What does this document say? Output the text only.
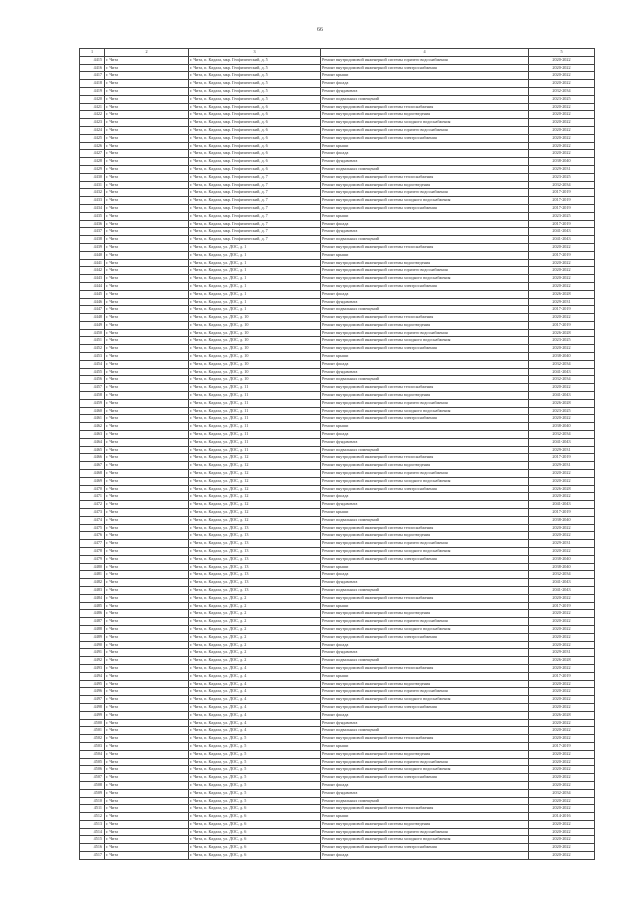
66
1	2	3	4	5
4415	г. Чита	г. Чита, п. Кадала, мкр. Геофизический, д. 5	Ремонт внутридомовой инженерной системы горячего водоснабжения	2020-2022
4416	г. Чита	г. Чита, п. Кадала, мкр. Геофизический, д. 5	Ремонт внутридомовой инженерной системы электроснабжения	2020-2022
4417	г. Чита	г. Чита, п. Кадала, мкр. Геофизический, д. 5	Ремонт крыши	2020-2022
4418	г. Чита	г. Чита, п. Кадала, мкр. Геофизический, д. 5	Ремонт фасада	2020-2022
4419	г. Чита	г. Чита, п. Кадала, мкр. Геофизический, д. 5	Ремонт фундамента	2032-2034
4420	г. Чита	г. Чита, п. Кадала, мкр. Геофизический, д. 5	Ремонт подвальных помещений	2023-2025
4421	г. Чита	г. Чита, п. Кадала, мкр. Геофизический, д. 6	Ремонт внутридомовой инженерной системы теплоснабжения	2020-2022
4422	г. Чита	г. Чита, п. Кадала, мкр. Геофизический, д. 6	Ремонт внутридомовой инженерной системы водоотведения	2020-2022
4423	г. Чита	г. Чита, п. Кадала, мкр. Геофизический, д. 6	Ремонт внутридомовой инженерной системы холодного водоснабжения	2020-2022
4424	г. Чита	г. Чита, п. Кадала, мкр. Геофизический, д. 6	Ремонт внутридомовой инженерной системы горячего водоснабжения	2020-2022
4425	г. Чита	г. Чита, п. Кадала, мкр. Геофизический, д. 6	Ремонт внутридомовой инженерной системы электроснабжения	2020-2022
4426	г. Чита	г. Чита, п. Кадала, мкр. Геофизический, д. 6	Ремонт крыши	2020-2022
4427	г. Чита	г. Чита, п. Кадала, мкр. Геофизический, д. 6	Ремонт фасада	2020-2022
4428	г. Чита	г. Чита, п. Кадала, мкр. Геофизический, д. 6	Ремонт фундамента	2038-2040
4429	г. Чита	г. Чита, п. Кадала, мкр. Геофизический, д. 6	Ремонт подвальных помещений	2029-2031
4430	г. Чита	г. Чита, п. Кадала, мкр. Геофизический, д. 7	Ремонт внутридомовой инженерной системы теплоснабжения	2023-2025
4431	г. Чита	г. Чита, п. Кадала, мкр. Геофизический, д. 7	Ремонт внутридомовой инженерной системы водоотведения	2032-2034
4432	г. Чита	г. Чита, п. Кадала, мкр. Геофизический, д. 7	Ремонт внутридомовой инженерной системы горячего водоснабжения	2017-2019
4433	г. Чита	г. Чита, п. Кадала, мкр. Геофизический, д. 7	Ремонт внутридомовой инженерной системы холодного водоснабжения	2017-2019
4434	г. Чита	г. Чита, п. Кадала, мкр. Геофизический, д. 7	Ремонт внутридомовой инженерной системы электроснабжения	2017-2019
4435	г. Чита	г. Чита, п. Кадала, мкр. Геофизический, д. 7	Ремонт крыши	2023-2025
4436	г. Чита	г. Чита, п. Кадала, мкр. Геофизический, д. 7	Ремонт фасада	2017-2019
4437	г. Чита	г. Чита, п. Кадала, мкр. Геофизический, д. 7	Ремонт фундамента	2041-2043
4438	г. Чита	г. Чита, п. Кадала, мкр. Геофизический, д. 7	Ремонт подвальных помещений	2041-2043
4439	г. Чита	г. Чита, п. Кадала, ул. ДОС, д. 1	Ремонт внутридомовой инженерной системы теплоснабжения	2020-2022
4440	г. Чита	г. Чита, п. Кадала, ул. ДОС, д. 1	Ремонт крыши	2017-2019
4441	г. Чита	г. Чита, п. Кадала, ул. ДОС, д. 1	Ремонт внутридомовой инженерной системы водоотведения	2020-2022
4442	г. Чита	г. Чита, п. Кадала, ул. ДОС, д. 1	Ремонт внутридомовой инженерной системы горячего водоснабжения	2020-2022
4443	г. Чита	г. Чита, п. Кадала, ул. ДОС, д. 1	Ремонт внутридомовой инженерной системы холодного водоснабжения	2020-2022
4444	г. Чита	г. Чита, п. Кадала, ул. ДОС, д. 1	Ремонт внутридомовой инженерной системы электроснабжения	2020-2022
4445	г. Чита	г. Чита, п. Кадала, ул. ДОС, д. 1	Ремонт фасада	2026-2028
4446	г. Чита	г. Чита, п. Кадала, ул. ДОС, д. 1	Ремонт фундамента	2029-2031
4447	г. Чита	г. Чита, п. Кадала, ул. ДОС, д. 1	Ремонт подвальных помещений	2017-2019
4448	г. Чита	г. Чита, п. Кадала, ул. ДОС, д. 10	Ремонт внутридомовой инженерной системы теплоснабжения	2020-2022
4449	г. Чита	г. Чита, п. Кадала, ул. ДОС, д. 10	Ремонт внутридомовой инженерной системы водоотведения	2017-2019
4450	г. Чита	г. Чита, п. Кадала, ул. ДОС, д. 10	Ремонт внутридомовой инженерной системы горячего водоснабжения	2026-2028
4451	г. Чита	г. Чита, п. Кадала, ул. ДОС, д. 10	Ремонт внутридомовой инженерной системы холодного водоснабжения	2023-2025
4452	г. Чита	г. Чита, п. Кадала, ул. ДОС, д. 10	Ремонт внутридомовой инженерной системы электроснабжения	2020-2022
4453	г. Чита	г. Чита, п. Кадала, ул. ДОС, д. 10	Ремонт крыши	2038-2040
4454	г. Чита	г. Чита, п. Кадала, ул. ДОС, д. 10	Ремонт фасада	2032-2034
4455	г. Чита	г. Чита, п. Кадала, ул. ДОС, д. 10	Ремонт фундамента	2041-2043
4456	г. Чита	г. Чита, п. Кадала, ул. ДОС, д. 10	Ремонт подвальных помещений	2032-2034
4457	г. Чита	г. Чита, п. Кадала, ул. ДОС, д. 11	Ремонт внутридомовой инженерной системы теплоснабжения	2020-2022
4458	г. Чита	г. Чита, п. Кадала, ул. ДОС, д. 11	Ремонт внутридомовой инженерной системы водоотведения	2041-2043
4459	г. Чита	г. Чита, п. Кадала, ул. ДОС, д. 11	Ремонт внутридомовой инженерной системы горячего водоснабжения	2026-2028
4460	г. Чита	г. Чита, п. Кадала, ул. ДОС, д. 11	Ремонт внутридомовой инженерной системы холодного водоснабжения	2023-2025
4461	г. Чита	г. Чита, п. Кадала, ул. ДОС, д. 11	Ремонт внутридомовой инженерной системы электроснабжения	2020-2022
4462	г. Чита	г. Чита, п. Кадала, ул. ДОС, д. 11	Ремонт крыши	2038-2040
4463	г. Чита	г. Чита, п. Кадала, ул. ДОС, д. 11	Ремонт фасада	2032-2034
4464	г. Чита	г. Чита, п. Кадала, ул. ДОС, д. 11	Ремонт фундамента	2041-2043
4465	г. Чита	г. Чита, п. Кадала, ул. ДОС, д. 11	Ремонт подвальных помещений	2029-2031
4466	г. Чита	г. Чита, п. Кадала, ул. ДОС, д. 12	Ремонт внутридомовой инженерной системы теплоснабжения	2017-2019
4467	г. Чита	г. Чита, п. Кадала, ул. ДОС, д. 12	Ремонт внутридомовой инженерной системы водоотведения	2029-2031
4468	г. Чита	г. Чита, п. Кадала, ул. ДОС, д. 12	Ремонт внутридомовой инженерной системы горячего водоснабжения	2020-2022
4469	г. Чита	г. Чита, п. Кадала, ул. ДОС, д. 12	Ремонт внутридомовой инженерной системы холодного водоснабжения	2020-2022
4470	г. Чита	г. Чита, п. Кадала, ул. ДОС, д. 12	Ремонт внутридомовой инженерной системы электроснабжения	2026-2028
4471	г. Чита	г. Чита, п. Кадала, ул. ДОС, д. 12	Ремонт фасада	2020-2022
4472	г. Чита	г. Чита, п. Кадала, ул. ДОС, д. 12	Ремонт фундамента	2041-2043
4473	г. Чита	г. Чита, п. Кадала, ул. ДОС, д. 12	Ремонт крыши	2017-2019
4474	г. Чита	г. Чита, п. Кадала, ул. ДОС, д. 12	Ремонт подвальных помещений	2038-2040
4475	г. Чита	г. Чита, п. Кадала, ул. ДОС, д. 13	Ремонт внутридомовой инженерной системы теплоснабжения	2020-2022
4476	г. Чита	г. Чита, п. Кадала, ул. ДОС, д. 13	Ремонт внутридомовой инженерной системы водоотведения	2020-2022
4477	г. Чита	г. Чита, п. Кадала, ул. ДОС, д. 13	Ремонт внутридомовой инженерной системы горячего водоснабжения	2029-2031
4478	г. Чита	г. Чита, п. Кадала, ул. ДОС, д. 13	Ремонт внутридомовой инженерной системы холодного водоснабжения	2020-2022
4479	г. Чита	г. Чита, п. Кадала, ул. ДОС, д. 13	Ремонт внутридомовой инженерной системы электроснабжения	2038-2040
4480	г. Чита	г. Чита, п. Кадала, ул. ДОС, д. 13	Ремонт крыши	2038-2040
4481	г. Чита	г. Чита, п. Кадала, ул. ДОС, д. 13	Ремонт фасада	2032-2034
4482	г. Чита	г. Чита, п. Кадала, ул. ДОС, д. 13	Ремонт фундамента	2041-2043
4483	г. Чита	г. Чита, п. Кадала, ул. ДОС, д. 13	Ремонт подвальных помещений	2041-2043
4484	г. Чита	г. Чита, п. Кадала, ул. ДОС, д. 2	Ремонт внутридомовой инженерной системы теплоснабжения	2020-2022
4485	г. Чита	г. Чита, п. Кадала, ул. ДОС, д. 2	Ремонт крыши	2017-2019
4486	г. Чита	г. Чита, п. Кадала, ул. ДОС, д. 2	Ремонт внутридомовой инженерной системы водоотведения	2020-2022
4487	г. Чита	г. Чита, п. Кадала, ул. ДОС, д. 2	Ремонт внутридомовой инженерной системы горячего водоснабжения	2020-2022
4488	г. Чита	г. Чита, п. Кадала, ул. ДОС, д. 2	Ремонт внутридомовой инженерной системы холодного водоснабжения	2020-2022
4489	г. Чита	г. Чита, п. Кадала, ул. ДОС, д. 2	Ремонт внутридомовой инженерной системы электроснабжения	2020-2022
4490	г. Чита	г. Чита, п. Кадала, ул. ДОС, д. 2	Ремонт фасада	2020-2022
4491	г. Чита	г. Чита, п. Кадала, ул. ДОС, д. 2	Ремонт фундамента	2029-2031
4492	г. Чита	г. Чита, п. Кадала, ул. ДОС, д. 2	Ремонт подвальных помещений	2026-2028
4493	г. Чита	г. Чита, п. Кадала, ул. ДОС, д. 4	Ремонт внутридомовой инженерной системы теплоснабжения	2020-2022
4494	г. Чита	г. Чита, п. Кадала, ул. ДОС, д. 4	Ремонт крыши	2017-2019
4495	г. Чита	г. Чита, п. Кадала, ул. ДОС, д. 4	Ремонт внутридомовой инженерной системы водоотведения	2020-2022
4496	г. Чита	г. Чита, п. Кадала, ул. ДОС, д. 4	Ремонт внутридомовой инженерной системы горячего водоснабжения	2020-2022
4497	г. Чита	г. Чита, п. Кадала, ул. ДОС, д. 4	Ремонт внутридомовой инженерной системы холодного водоснабжения	2020-2022
4498	г. Чита	г. Чита, п. Кадала, ул. ДОС, д. 4	Ремонт внутридомовой инженерной системы электроснабжения	2020-2022
4499	г. Чита	г. Чита, п. Кадала, ул. ДОС, д. 4	Ремонт фасада	2026-2028
4500	г. Чита	г. Чита, п. Кадала, ул. ДОС, д. 4	Ремонт фундамента	2020-2022
4501	г. Чита	г. Чита, п. Кадала, ул. ДОС, д. 4	Ремонт подвальных помещений	2020-2022
4502	г. Чита	г. Чита, п. Кадала, ул. ДОС, д. 5	Ремонт внутридомовой инженерной системы теплоснабжения	2020-2022
4503	г. Чита	г. Чита, п. Кадала, ул. ДОС, д. 5	Ремонт крыши	2017-2019
4504	г. Чита	г. Чита, п. Кадала, ул. ДОС, д. 5	Ремонт внутридомовой инженерной системы водоотведения	2020-2022
4505	г. Чита	г. Чита, п. Кадала, ул. ДОС, д. 5	Ремонт внутридомовой инженерной системы горячего водоснабжения	2020-2022
4506	г. Чита	г. Чита, п. Кадала, ул. ДОС, д. 5	Ремонт внутридомовой инженерной системы холодного водоснабжения	2020-2022
4507	г. Чита	г. Чита, п. Кадала, ул. ДОС, д. 5	Ремонт внутридомовой инженерной системы электроснабжения	2020-2022
4508	г. Чита	г. Чита, п. Кадала, ул. ДОС, д. 5	Ремонт фасада	2020-2022
4509	г. Чита	г. Чита, п. Кадала, ул. ДОС, д. 5	Ремонт фундамента	2032-2034
4510	г. Чита	г. Чита, п. Кадала, ул. ДОС, д. 5	Ремонт подвальных помещений	2020-2022
4511	г. Чита	г. Чита, п. Кадала, ул. ДОС, д. 6	Ремонт внутридомовой инженерной системы теплоснабжения	2020-2022
4512	г. Чита	г. Чита, п. Кадала, ул. ДОС, д. 6	Ремонт крыши	2014-2016
4513	г. Чита	г. Чита, п. Кадала, ул. ДОС, д. 6	Ремонт внутридомовой инженерной системы водоотведения	2020-2022
4514	г. Чита	г. Чита, п. Кадала, ул. ДОС, д. 6	Ремонт внутридомовой инженерной системы горячего водоснабжения	2020-2022
4515	г. Чита	г. Чита, п. Кадала, ул. ДОС, д. 6	Ремонт внутридомовой инженерной системы холодного водоснабжения	2020-2022
4516	г. Чита	г. Чита, п. Кадала, ул. ДОС, д. 6	Ремонт внутридомовой инженерной системы электроснабжения	2020-2022
4517	г. Чита	г. Чита, п. Кадала, ул. ДОС, д. 6	Ремонт фасада	2020-2022
